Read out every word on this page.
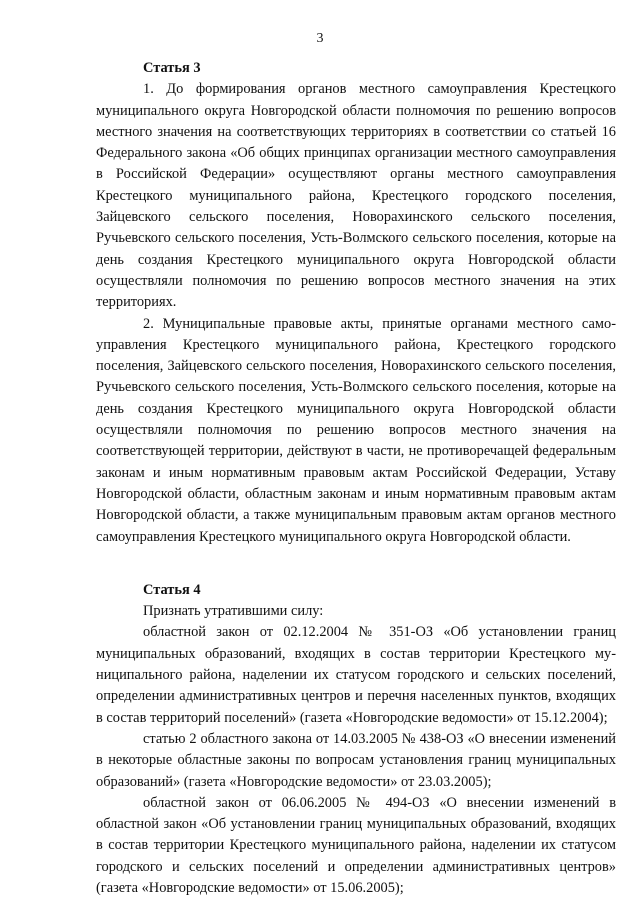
3

Статья 3

1. До формирования органов местного самоуправления Крестецкого муниципального округа Новгородской области полномочия по решению вопросов местного значения на соответствующих территориях в соответствии со статьей 16 Федерального закона «Об общих принципах организации местного самоуправления в Российской Федерации» осуществляют органы местного самоуправления Крестецкого муниципального района, Крестецкого городского поселения, Зайцевского сельского поселения, Новорахинского сельского поселения, Ручьевского сельского поселения, Усть-Волмского сельского поселения, которые на день создания Крестецкого муниципального округа Новгородской области осуществляли полномочия по решению вопросов местного значения на этих территориях.

2. Муниципальные правовые акты, принятые органами местного самоуправления Крестецкого муниципального района, Крестецкого городского поселения, Зайцевского сельского поселения, Новорахинского сельского поселения, Ручьевского сельского поселения, Усть-Волмского сельского поселения, которые на день создания Крестецкого муниципального округа Новгородской области осуществляли полномочия по решению вопросов местного значения на соответствующей территории, действуют в части, не противоречащей федеральным законам и иным нормативным правовым актам Российской Федерации, Уставу Новгородской области, областным законам и иным нормативным правовым актам Новгородской области, а также муниципальным правовым актам органов местного самоуправления Крестецкого муниципального округа Новгородской области.

Статья 4

Признать утратившими силу:

областной закон от 02.12.2004 № 351-ОЗ «Об установлении границ муниципальных образований, входящих в состав территории Крестецкого муниципального района, наделении их статусом городского и сельских поселений, определении административных центров и перечня населенных пунктов, входящих в состав территорий поселений» (газета «Новгородские ведомости» от 15.12.2004);

статью 2 областного закона от 14.03.2005 № 438-ОЗ «О внесении изменений в некоторые областные законы по вопросам установления границ муниципальных образований» (газета «Новгородские ведомости» от 23.03.2005);

областной закон от 06.06.2005 № 494-ОЗ «О внесении изменений в областной закон «Об установлении границ муниципальных образований, входящих в состав территории Крестецкого муниципального района, наделении их статусом городского и сельских поселений и определении административных центров» (газета «Новгородские ведомости» от 15.06.2005);
